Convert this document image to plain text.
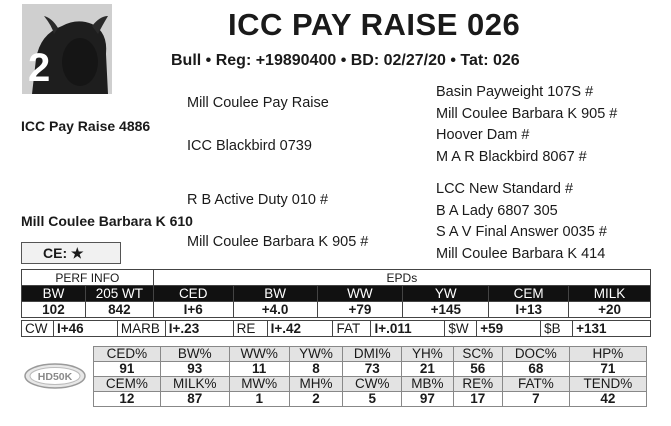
2
ICC PAY RAISE 026
Bull • Reg: +19890400 • BD: 02/27/20 • Tat: 026
Mill Coulee Pay Raise
ICC Pay Raise 4886
ICC Blackbird 0739
Basin Payweight 107S #
Mill Coulee Barbara K 905 #
Hoover Dam #
M A R Blackbird 8067 #
R B Active Duty 010 #
Mill Coulee Barbara K 610
Mill Coulee Barbara K 905 #
LCC New Standard #
B A Lady 6807 305
S A V Final Answer 0035 #
Mill Coulee Barbara K 414
CE: ★
PERF INFO		EPDs					
BW	205 WT	CED	BW	WW	YW	CEM	MILK
102	842	I+6	+4.0	+79	+145	I+13	+20
CW	I+46	MARB	I+.23	RE	I+.42	FAT	I+.011	$W	+59	$B	+131
HD50K
CED%	BW%	WW%	YW%	DMI%	YH%	SC%	DOC%	HP%
91	93	11	8	73	21	56	68	71
CEM%	MILK%	MW%	MH%	CW%	MB%	RE%	FAT%	TEND%
12	87	1	2	5	97	17	7	42
